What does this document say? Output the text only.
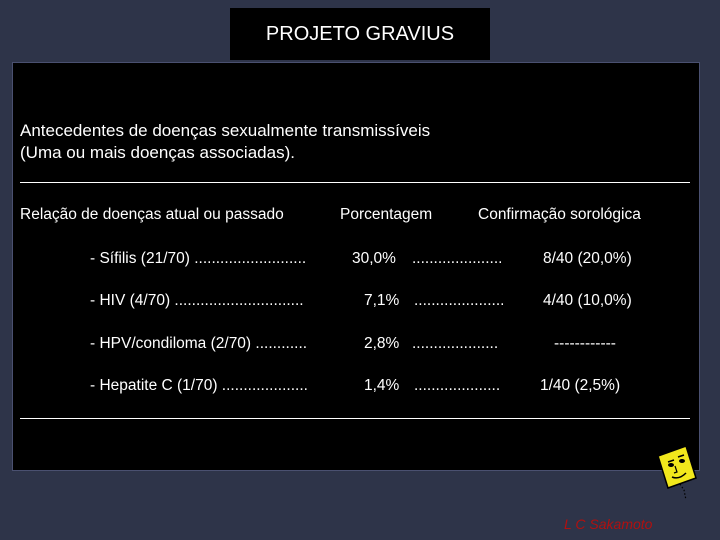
PROJETO GRAVIUS
Antecedentes de doenças sexualmente transmissíveis
(Uma ou mais doenças associadas).
Relação de doenças atual ou passado	Porcentagem	Confirmação sorológica
- Sífilis (21/70) ..........................	30,0% .....................	8/40 (20,0%)
- HIV (4/70) ..............................	7,1% ..................... 4/40 (10,0%)
- HPV/condiloma (2/70) ............	2,8% ....................	------------
- Hepatite C (1/70) ....................	1,4% ....................	1/40 (2,5%)
L C Sakamoto
